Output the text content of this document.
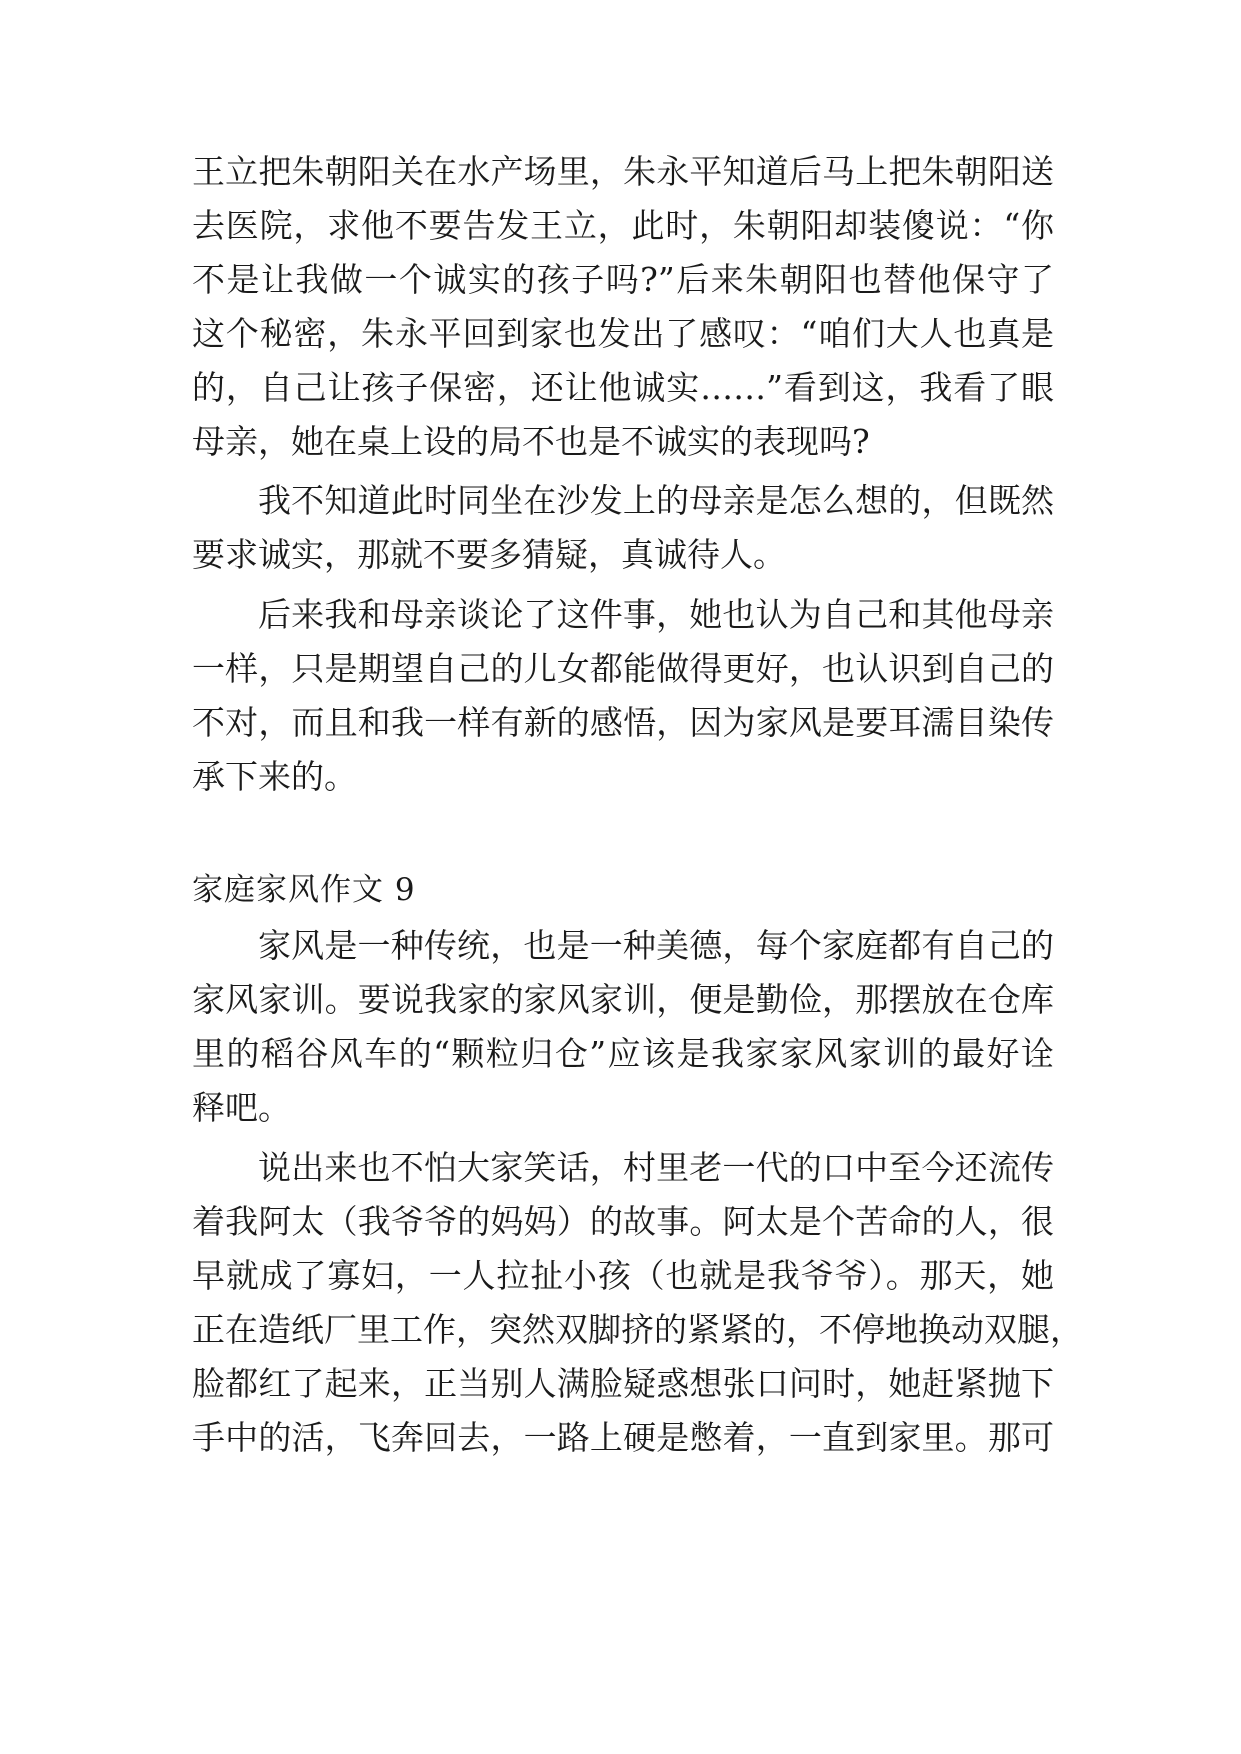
王立把朱朝阳关在水产场里，朱永平知道后马上把朱朝阳送
去医院，求他不要告发王立，此时，朱朝阳却装傻说：“你
不是让我做一个诚实的孩子吗?”后来朱朝阳也替他保守了
这个秘密，朱永平回到家也发出了感叹：“咱们大人也真是
的，自己让孩子保密，还让他诚实……”看到这，我看了眼
母亲，她在桌上设的局不也是不诚实的表现吗?
我不知道此时同坐在沙发上的母亲是怎么想的，但既然
要求诚实，那就不要多猜疑，真诚待人。
后来我和母亲谈论了这件事，她也认为自己和其他母亲
一样，只是期望自己的儿女都能做得更好，也认识到自己的
不对，而且和我一样有新的感悟，因为家风是要耳濡目染传
承下来的。
家庭家风作文 9
家风是一种传统，也是一种美德，每个家庭都有自己的
家风家训。要说我家的家风家训，便是勤俭，那摆放在仓库
里的稻谷风车的“颗粒归仓”应该是我家家风家训的最好诠
释吧。
说出来也不怕大家笑话，村里老一代的口中至今还流传
着我阿太（我爷爷的妈妈）的故事。阿太是个苦命的人，很
早就成了寡妇，一人拉扯小孩（也就是我爷爷）。那天，她
正在造纸厂里工作，突然双脚挤的紧紧的，不停地换动双腿，
脸都红了起来，正当别人满脸疑惑想张口问时，她赶紧抛下
手中的活，飞奔回去，一路上硬是憋着，一直到家里。那可
